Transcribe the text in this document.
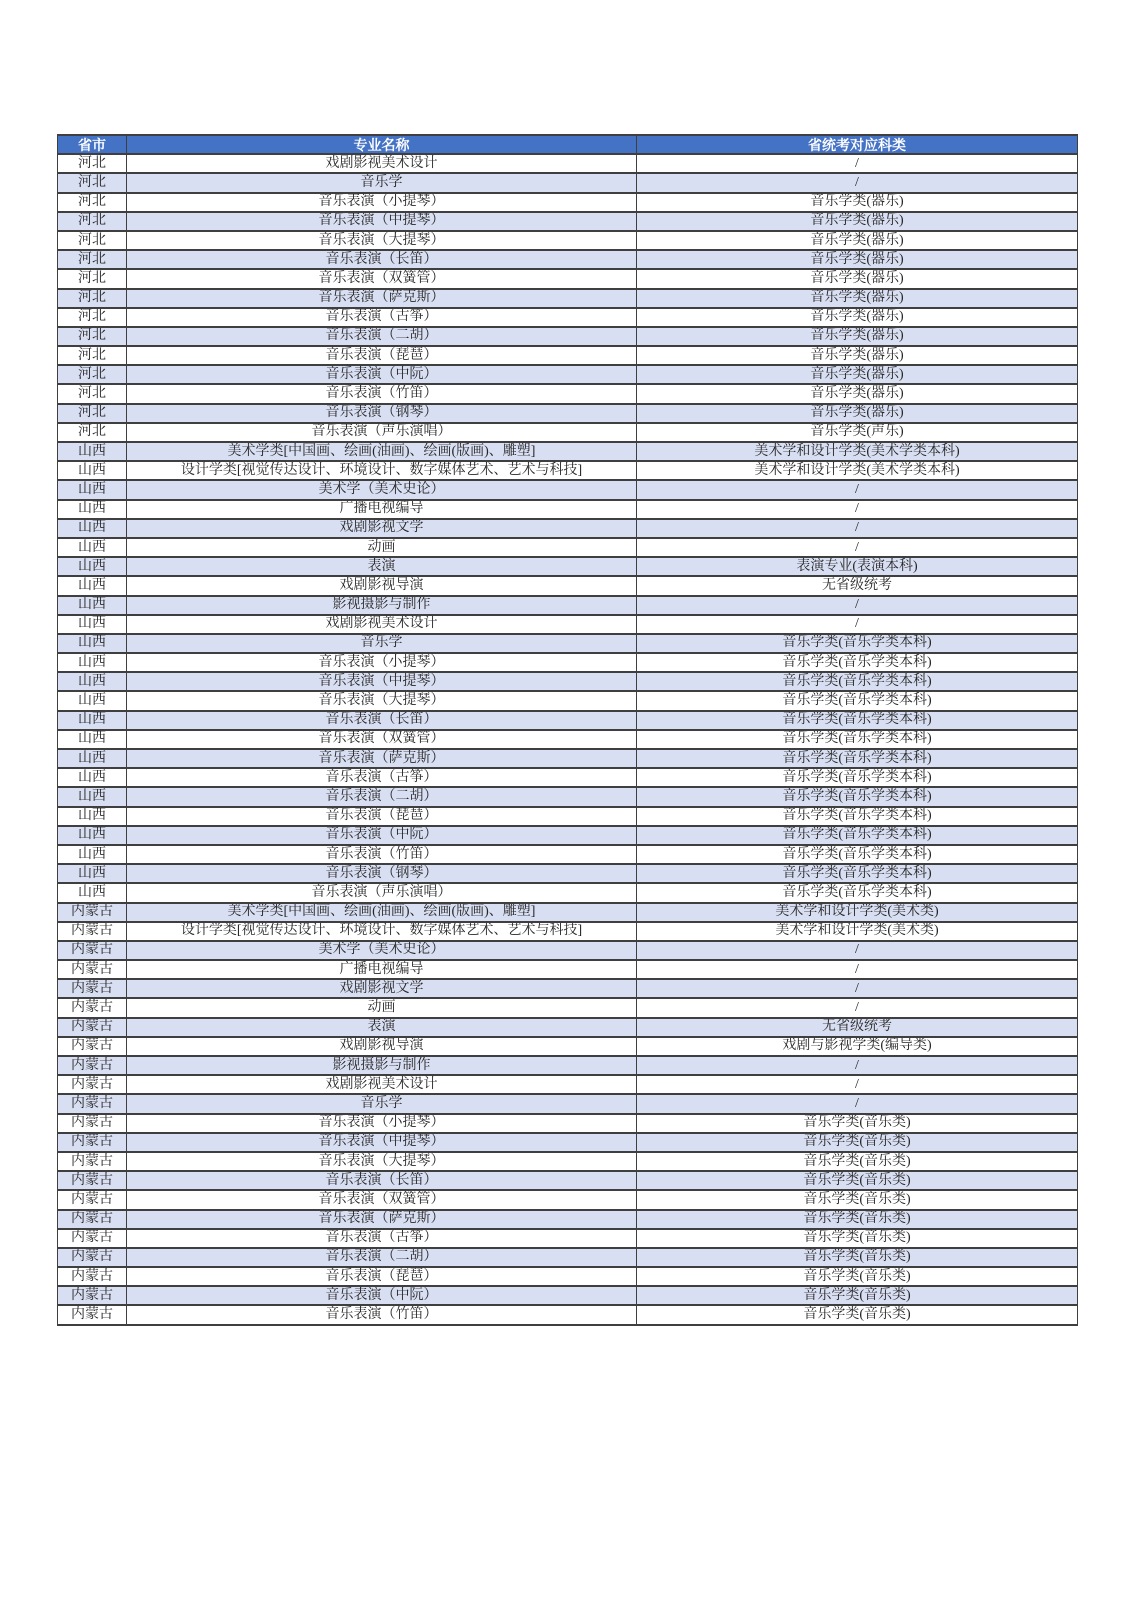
省市	专业名称	省统考对应科类
河北	戏剧影视美术设计	/
河北	音乐学	/
河北	音乐表演（小提琴）	音乐学类(器乐)
河北	音乐表演（中提琴）	音乐学类(器乐)
河北	音乐表演（大提琴）	音乐学类(器乐)
河北	音乐表演（长笛）	音乐学类(器乐)
河北	音乐表演（双簧管）	音乐学类(器乐)
河北	音乐表演（萨克斯）	音乐学类(器乐)
河北	音乐表演（古筝）	音乐学类(器乐)
河北	音乐表演（二胡）	音乐学类(器乐)
河北	音乐表演（琵琶）	音乐学类(器乐)
河北	音乐表演（中阮）	音乐学类(器乐)
河北	音乐表演（竹笛）	音乐学类(器乐)
河北	音乐表演（钢琴）	音乐学类(器乐)
河北	音乐表演（声乐演唱）	音乐学类(声乐)
山西	美术学类[中国画、绘画(油画)、绘画(版画)、雕塑]	美术学和设计学类(美术学类本科)
山西	设计学类[视觉传达设计、环境设计、数字媒体艺术、艺术与科技]	美术学和设计学类(美术学类本科)
山西	美术学（美术史论）	/
山西	广播电视编导	/
山西	戏剧影视文学	/
山西	动画	/
山西	表演	表演专业(表演本科)
山西	戏剧影视导演	无省级统考
山西	影视摄影与制作	/
山西	戏剧影视美术设计	/
山西	音乐学	音乐学类(音乐学类本科)
山西	音乐表演（小提琴）	音乐学类(音乐学类本科)
山西	音乐表演（中提琴）	音乐学类(音乐学类本科)
山西	音乐表演（大提琴）	音乐学类(音乐学类本科)
山西	音乐表演（长笛）	音乐学类(音乐学类本科)
山西	音乐表演（双簧管）	音乐学类(音乐学类本科)
山西	音乐表演（萨克斯）	音乐学类(音乐学类本科)
山西	音乐表演（古筝）	音乐学类(音乐学类本科)
山西	音乐表演（二胡）	音乐学类(音乐学类本科)
山西	音乐表演（琵琶）	音乐学类(音乐学类本科)
山西	音乐表演（中阮）	音乐学类(音乐学类本科)
山西	音乐表演（竹笛）	音乐学类(音乐学类本科)
山西	音乐表演（钢琴）	音乐学类(音乐学类本科)
山西	音乐表演（声乐演唱）	音乐学类(音乐学类本科)
内蒙古	美术学类[中国画、绘画(油画)、绘画(版画)、雕塑]	美术学和设计学类(美术类)
内蒙古	设计学类[视觉传达设计、环境设计、数字媒体艺术、艺术与科技]	美术学和设计学类(美术类)
内蒙古	美术学（美术史论）	/
内蒙古	广播电视编导	/
内蒙古	戏剧影视文学	/
内蒙古	动画	/
内蒙古	表演	无省级统考
内蒙古	戏剧影视导演	戏剧与影视学类(编导类)
内蒙古	影视摄影与制作	/
内蒙古	戏剧影视美术设计	/
内蒙古	音乐学	/
内蒙古	音乐表演（小提琴）	音乐学类(音乐类)
内蒙古	音乐表演（中提琴）	音乐学类(音乐类)
内蒙古	音乐表演（大提琴）	音乐学类(音乐类)
内蒙古	音乐表演（长笛）	音乐学类(音乐类)
内蒙古	音乐表演（双簧管）	音乐学类(音乐类)
内蒙古	音乐表演（萨克斯）	音乐学类(音乐类)
内蒙古	音乐表演（古筝）	音乐学类(音乐类)
内蒙古	音乐表演（二胡）	音乐学类(音乐类)
内蒙古	音乐表演（琵琶）	音乐学类(音乐类)
内蒙古	音乐表演（中阮）	音乐学类(音乐类)
内蒙古	音乐表演（竹笛）	音乐学类(音乐类)
